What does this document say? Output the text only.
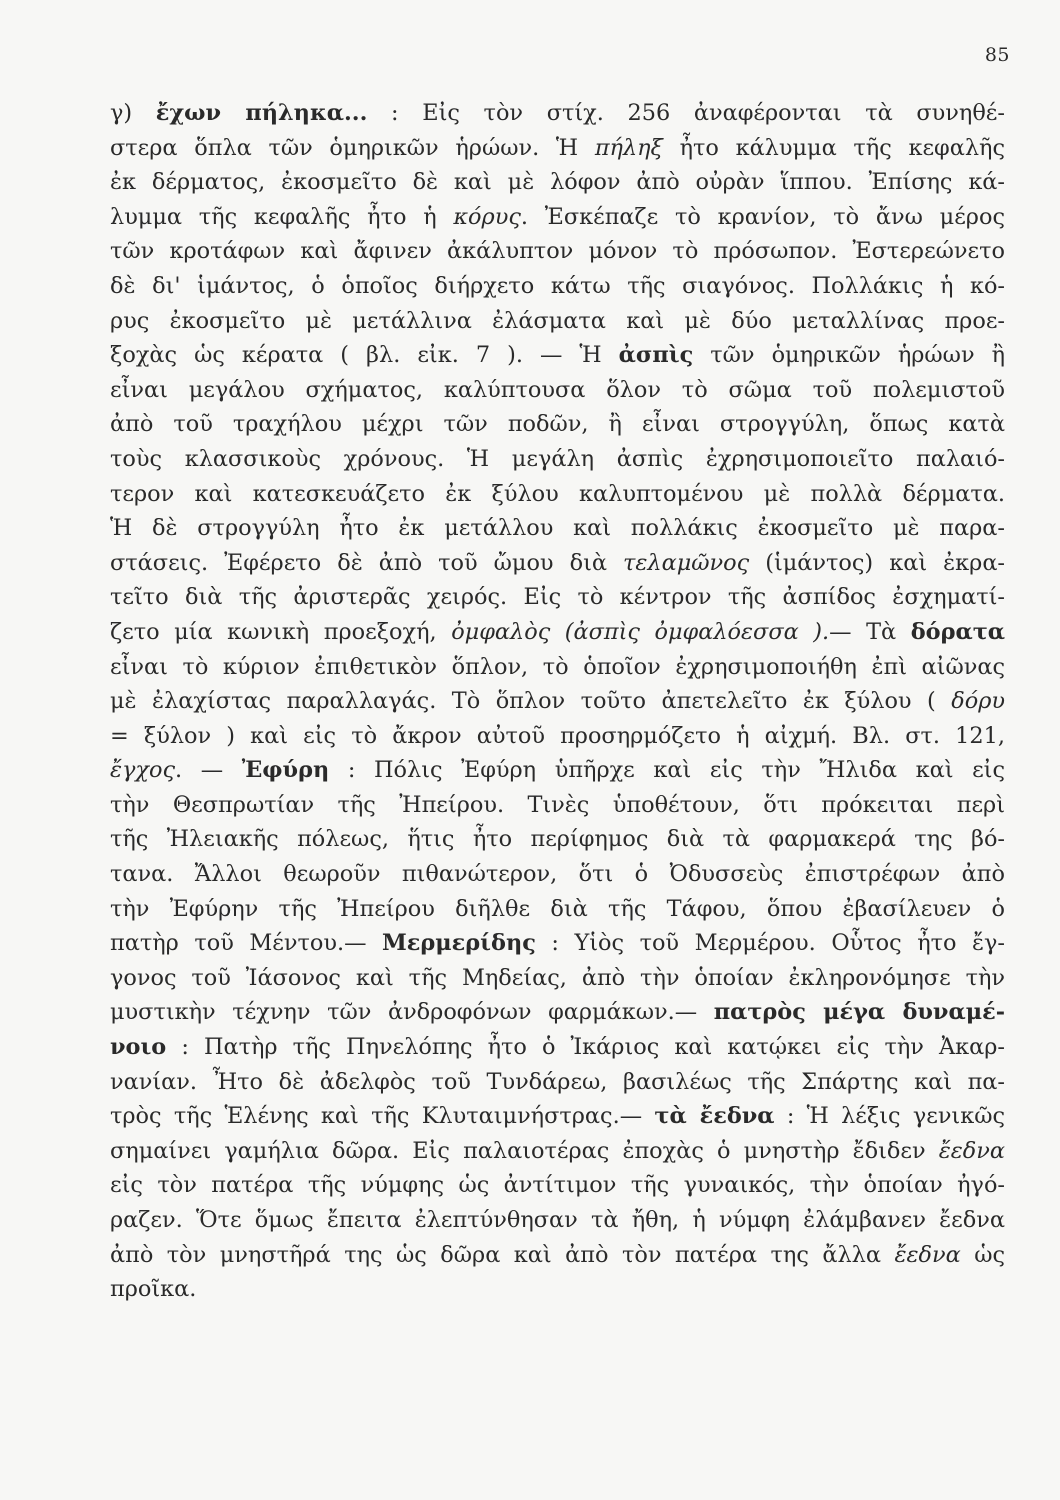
85
γ) ἔχων πήληκα... : Εἰς τὸν στίχ. 256 ἀναφέρονται τὰ συνηθέ-
στερα ὅπλα τῶν ὁμηρικῶν ἡρώων. Ἡ πήληξ ἦτο κάλυμμα τῆς κεφαλῆς
ἐκ δέρματος, ἐκοσμεῖτο δὲ καὶ μὲ λόφον ἀπὸ οὐρὰν ἵππου. Ἐπίσης κά-
λυμμα τῆς κεφαλῆς ἦτο ἡ κόρυς. Ἐσκέπαζε τὸ κρανίον, τὸ ἄνω μέρος
τῶν κροτάφων καὶ ἄφινεν ἀκάλυπτον μόνον τὸ πρόσωπον. Ἐστερεώνετο
δὲ δι' ἱμάντος, ὁ ὁποῖος διήρχετο κάτω τῆς σιαγόνος. Πολλάκις ἡ κό-
ρυς ἐκοσμεῖτο μὲ μετάλλινα ἐλάσματα καὶ μὲ δύο μεταλλίνας προε-
ξοχὰς ὡς κέρατα ( βλ. εἰκ. 7 ). — Ἡ ἀσπὶς τῶν ὁμηρικῶν ἡρώων ἢ
εἶναι μεγάλου σχήματος, καλύπτουσα ὅλον τὸ σῶμα τοῦ πολεμιστοῦ
ἀπὸ τοῦ τραχήλου μέχρι τῶν ποδῶν, ἢ εἶναι στρογγύλη, ὅπως κατὰ
τοὺς κλασσικοὺς χρόνους. Ἡ μεγάλη ἀσπὶς ἐχρησιμοποιεῖτο παλαιό-
τερον καὶ κατεσκευάζετο ἐκ ξύλου καλυπτομένου μὲ πολλὰ δέρματα.
Ἡ δὲ στρογγύλη ἦτο ἐκ μετάλλου καὶ πολλάκις ἐκοσμεῖτο μὲ παρα-
στάσεις. Ἐφέρετο δὲ ἀπὸ τοῦ ὤμου διὰ τελαμῶνος (ἱμάντος) καὶ ἐκρα-
τεῖτο διὰ τῆς ἀριστερᾶς χειρός. Εἰς τὸ κέντρον τῆς ἀσπίδος ἐσχηματί-
ζετο μία κωνικὴ προεξοχή, ὀμφαλὸς (ἀσπὶς ὀμφαλόεσσα ).— Τὰ δόρατα
εἶναι τὸ κύριον ἐπιθετικὸν ὅπλον, τὸ ὁποῖον ἐχρησιμοποιήθη ἐπὶ αἰῶνας
μὲ ἐλαχίστας παραλλαγάς. Τὸ ὅπλον τοῦτο ἀπετελεῖτο ἐκ ξύλου ( δόρυ
= ξύλον ) καὶ εἰς τὸ ἄκρον αὐτοῦ προσηρμόζετο ἡ αἰχμή. Βλ. στ. 121,
ἔγχος. — Ἐφύρη : Πόλις Ἐφύρη ὑπῆρχε καὶ εἰς τὴν Ἤλιδα καὶ εἰς
τὴν Θεσπρωτίαν τῆς Ἠπείρου. Τινὲς ὑποθέτουν, ὅτι πρόκειται περὶ
τῆς Ἠλειακῆς πόλεως, ἥτις ἦτο περίφημος διὰ τὰ φαρμακερά της βό-
τανα. Ἄλλοι θεωροῦν πιθανώτερον, ὅτι ὁ Ὀδυσσεὺς ἐπιστρέφων ἀπὸ
τὴν Ἐφύρην τῆς Ἠπείρου διῆλθε διὰ τῆς Τάφου, ὅπου ἐβασίλευεν ὁ
πατὴρ τοῦ Μέντου.— Μερμερίδης : Υἱὸς τοῦ Μερμέρου. Οὗτος ἦτο ἔγ-
γονος τοῦ Ἰάσονος καὶ τῆς Μηδείας, ἀπὸ τὴν ὁποίαν ἐκληρονόμησε τὴν
μυστικὴν τέχνην τῶν ἀνδροφόνων φαρμάκων.— πατρὸς μέγα δυναμέ-
νοιο : Πατὴρ τῆς Πηνελόπης ἦτο ὁ Ἰκάριος καὶ κατῴκει εἰς τὴν Ἀκαρ-
νανίαν. Ἦτο δὲ ἀδελφὸς τοῦ Τυνδάρεω, βασιλέως τῆς Σπάρτης καὶ πα-
τρὸς τῆς Ἑλένης καὶ τῆς Κλυταιμνήστρας.— τὰ ἔεδνα : Ἡ λέξις γενικῶς
σημαίνει γαμήλια δῶρα. Εἰς παλαιοτέρας ἐποχὰς ὁ μνηστὴρ ἔδιδεν ἔεδνα
εἰς τὸν πατέρα τῆς νύμφης ὡς ἀντίτιμον τῆς γυναικός, τὴν ὁποίαν ἠγό-
ραζεν. Ὅτε ὅμως ἔπειτα ἐλεπτύνθησαν τὰ ἤθη, ἡ νύμφη ἐλάμβανεν ἔεδνα
ἀπὸ τὸν μνηστῆρά της ὡς δῶρα καὶ ἀπὸ τὸν πατέρα της ἄλλα ἔεδνα ὡς
προῖκα.
